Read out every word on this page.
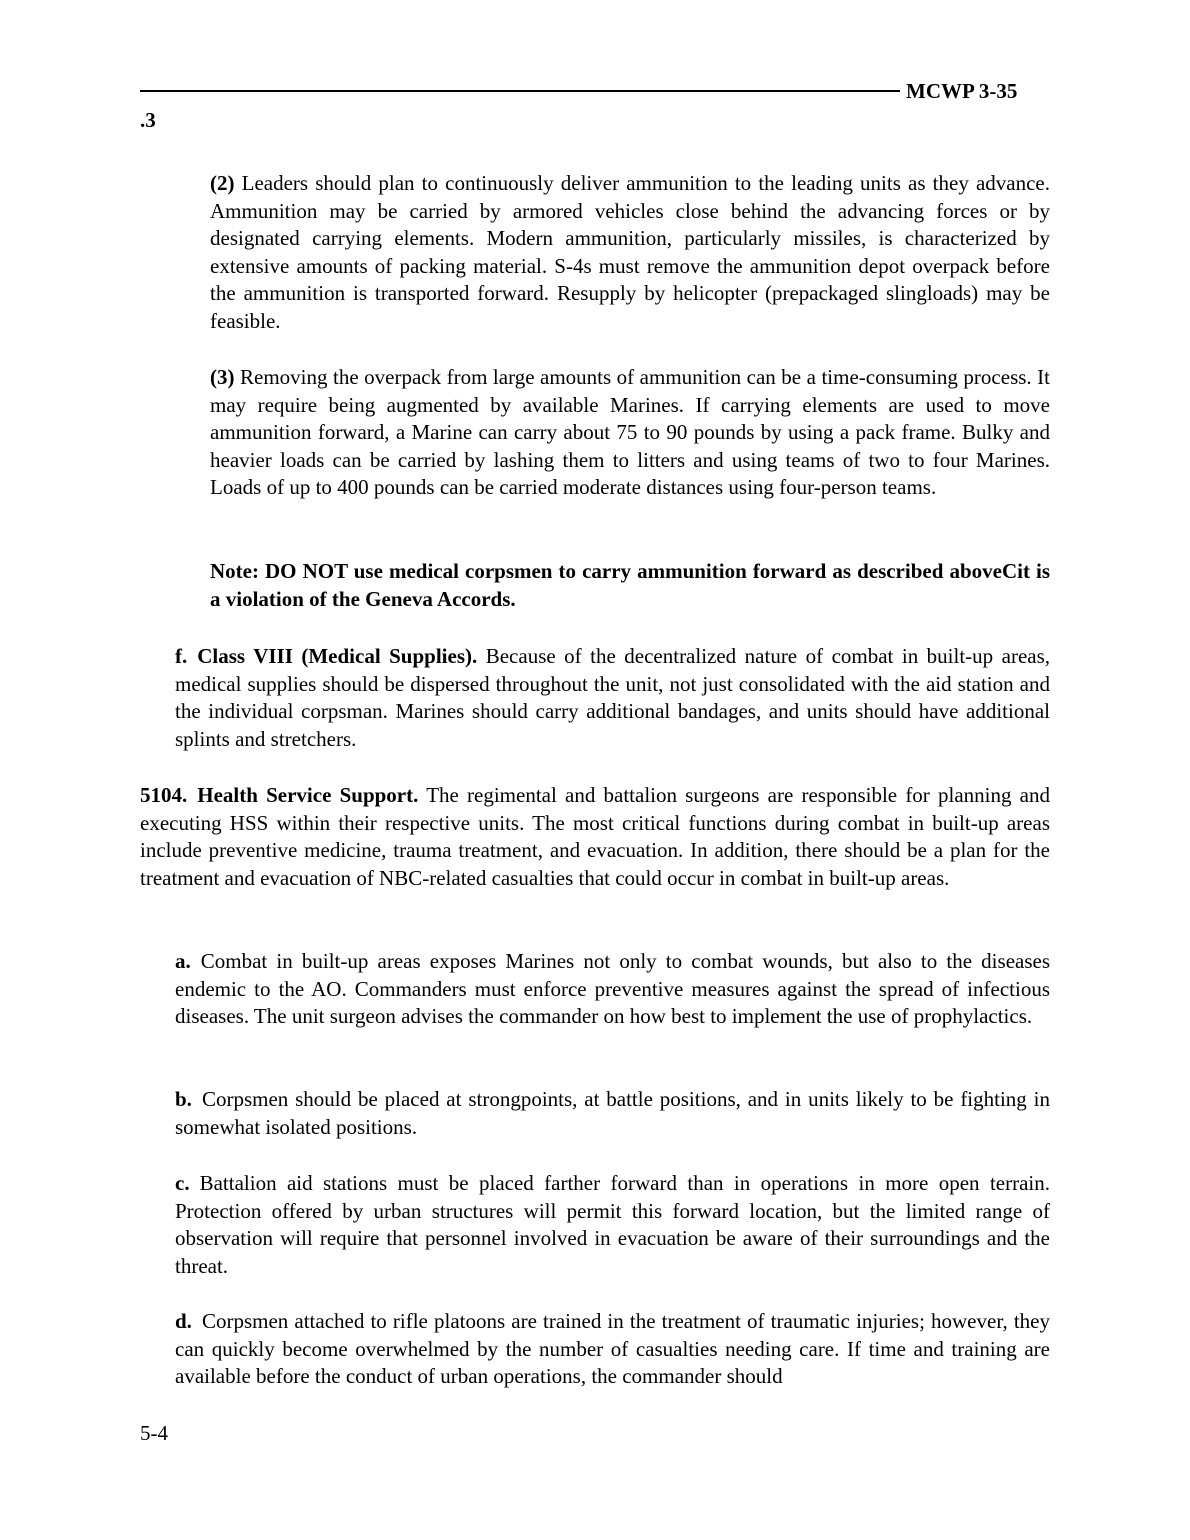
MCWP 3-35
.3

(2) Leaders should plan to continuously deliver ammunition to the leading units as they advance. Ammunition may be carried by armored vehicles close behind the advancing forces or by designated carrying elements. Modern ammunition, particularly missiles, is characterized by extensive amounts of packing material. S-4s must remove the ammunition depot overpack before the ammunition is transported forward. Resupply by helicopter (prepackaged slingloads) may be feasible.

(3) Removing the overpack from large amounts of ammunition can be a time-consuming process. It may require being augmented by available Marines. If carrying elements are used to move ammunition forward, a Marine can carry about 75 to 90 pounds by using a pack frame. Bulky and heavier loads can be carried by lashing them to litters and using teams of two to four Marines. Loads of up to 400 pounds can be carried moderate distances using four-person teams.

Note: DO NOT use medical corpsmen to carry ammunition forward as described aboveCit is a violation of the Geneva Accords.

f. Class VIII (Medical Supplies). Because of the decentralized nature of combat in built-up areas, medical supplies should be dispersed throughout the unit, not just consolidated with the aid station and the individual corpsman. Marines should carry additional bandages, and units should have additional splints and stretchers.

5104. Health Service Support. The regimental and battalion surgeons are responsible for planning and executing HSS within their respective units. The most critical functions during combat in built-up areas include preventive medicine, trauma treatment, and evacuation. In addition, there should be a plan for the treatment and evacuation of NBC-related casualties that could occur in combat in built-up areas.

a. Combat in built-up areas exposes Marines not only to combat wounds, but also to the diseases endemic to the AO. Commanders must enforce preventive measures against the spread of infectious diseases. The unit surgeon advises the commander on how best to implement the use of prophylactics.

b. Corpsmen should be placed at strongpoints, at battle positions, and in units likely to be fighting in somewhat isolated positions.

c. Battalion aid stations must be placed farther forward than in operations in more open terrain. Protection offered by urban structures will permit this forward location, but the limited range of observation will require that personnel involved in evacuation be aware of their surroundings and the threat.

d. Corpsmen attached to rifle platoons are trained in the treatment of traumatic injuries; however, they can quickly become overwhelmed by the number of casualties needing care. If time and training are available before the conduct of urban operations, the commander should

5-4
